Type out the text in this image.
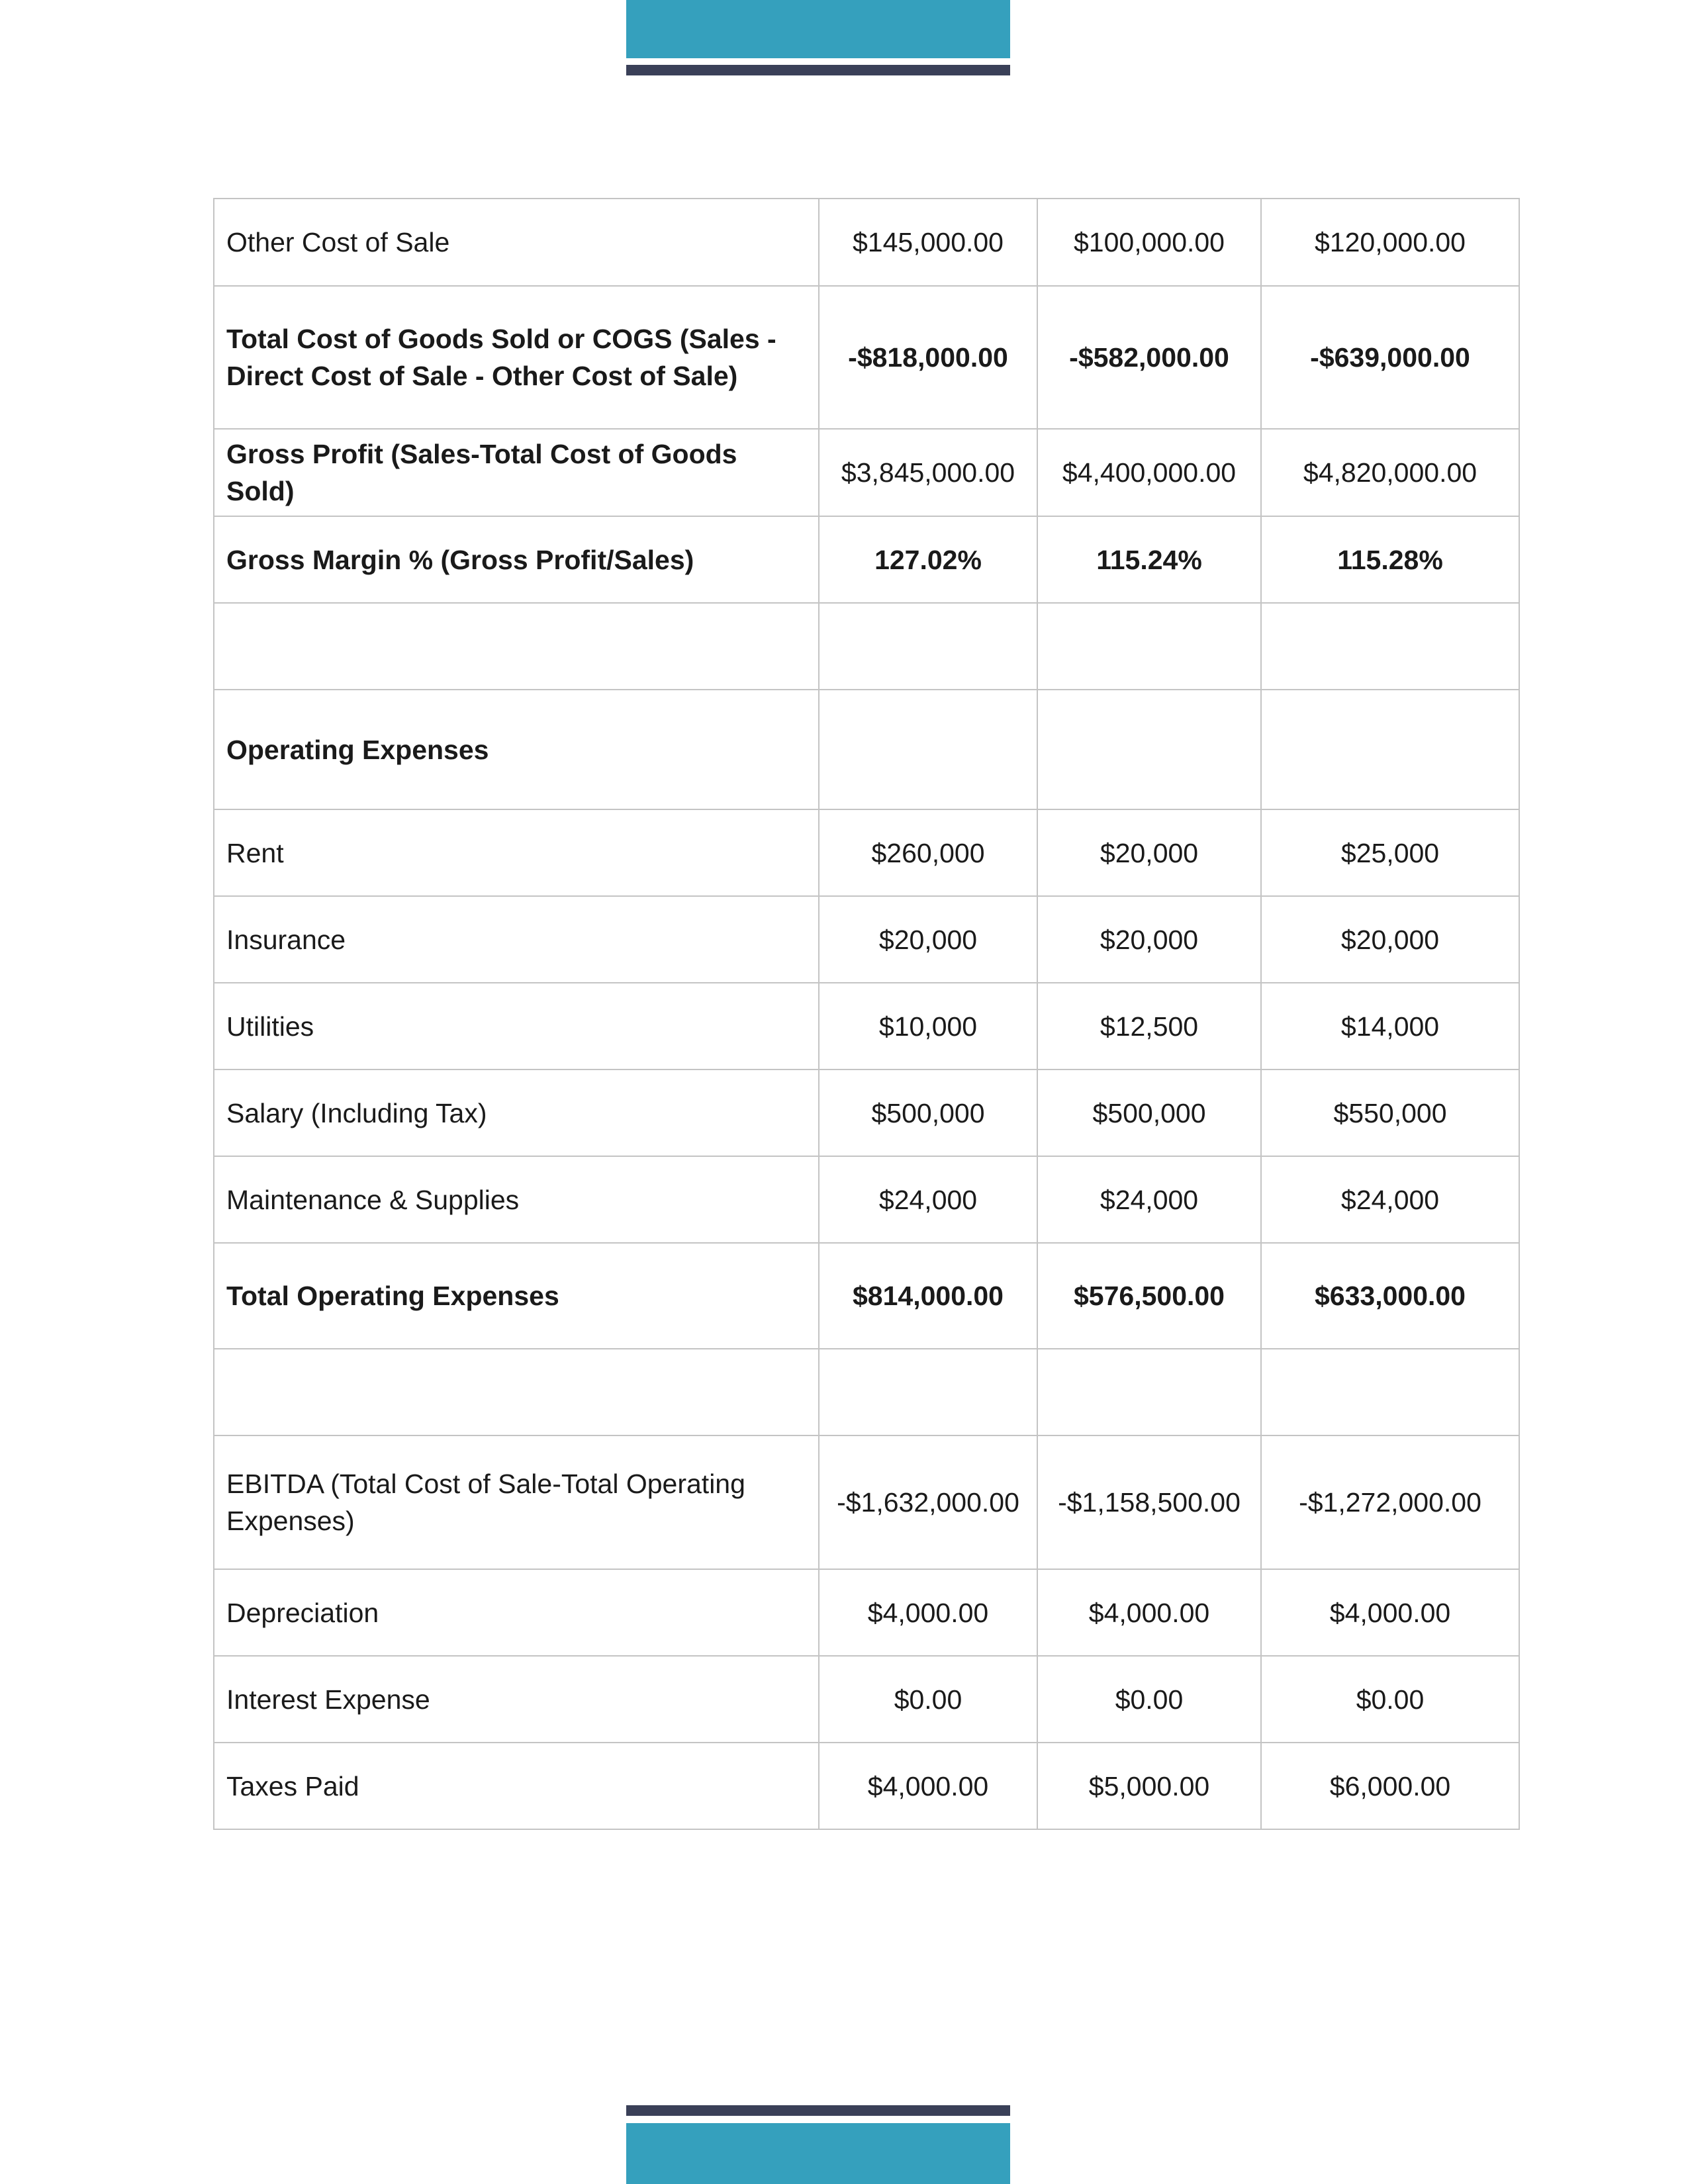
Other Cost of Sale	$145,000.00	$100,000.00	$120,000.00
Total Cost of Goods Sold or COGS (Sales - Direct Cost of Sale - Other Cost of Sale)	-$818,000.00	-$582,000.00	-$639,000.00
Gross Profit (Sales-Total Cost of Goods Sold)	$3,845,000.00	$4,400,000.00	$4,820,000.00
Gross Margin % (Gross Profit/Sales)	127.02%	115.24%	115.28%

Operating Expenses			
Rent	$260,000	$20,000	$25,000
Insurance	$20,000	$20,000	$20,000
Utilities	$10,000	$12,500	$14,000
Salary (Including Tax)	$500,000	$500,000	$550,000
Maintenance & Supplies	$24,000	$24,000	$24,000
Total Operating Expenses	$814,000.00	$576,500.00	$633,000.00

EBITDA (Total Cost of Sale-Total Operating Expenses)	-$1,632,000.00	-$1,158,500.00	-$1,272,000.00
Depreciation	$4,000.00	$4,000.00	$4,000.00
Interest Expense	$0.00	$0.00	$0.00
Taxes Paid	$4,000.00	$5,000.00	$6,000.00
